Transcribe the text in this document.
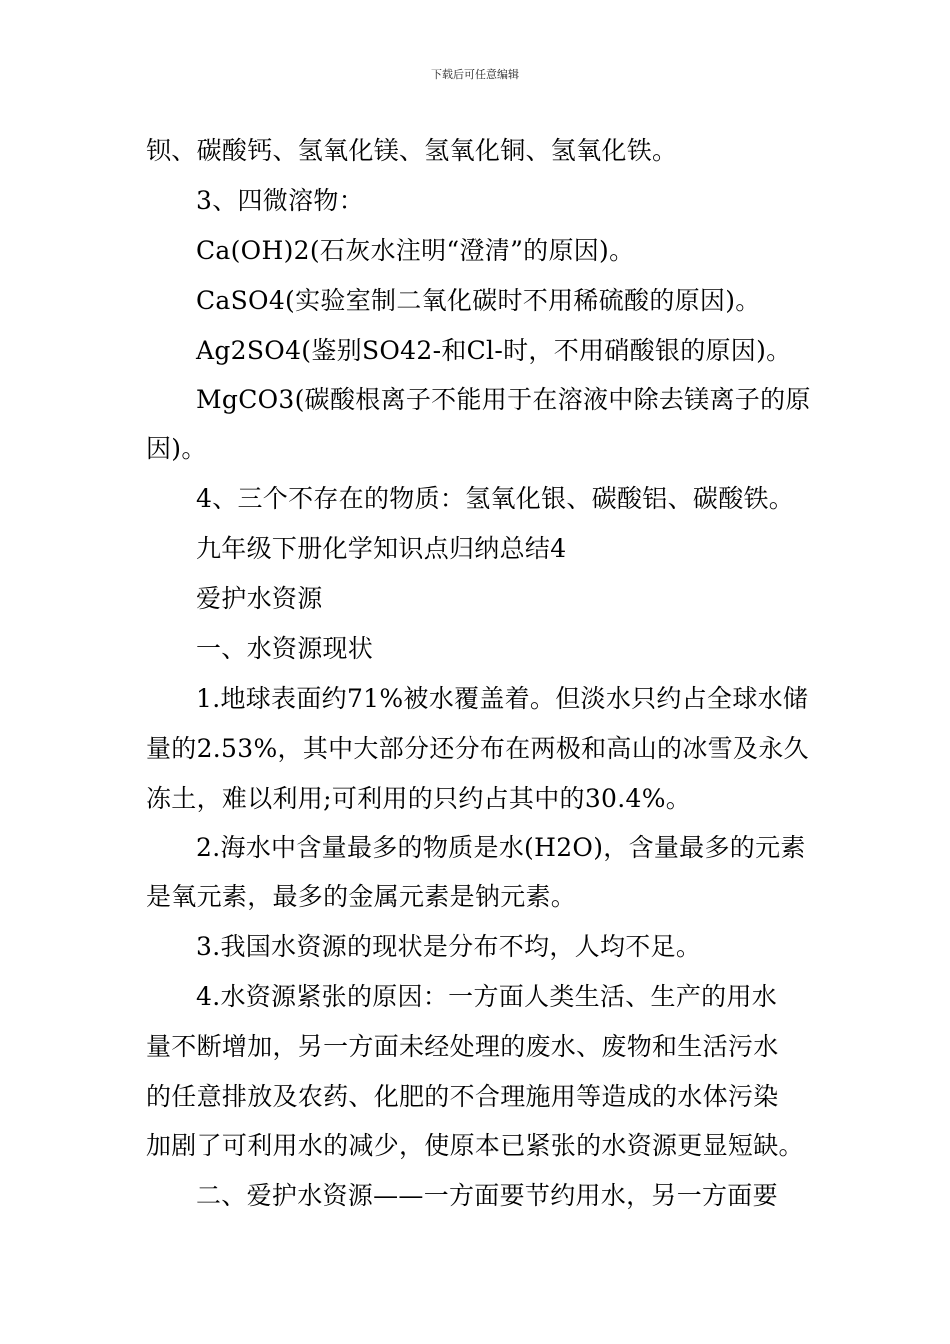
下载后可任意编辑
钡、碳酸钙、氢氧化镁、氢氧化铜、氢氧化铁。
3、四微溶物：
Ca(OH)2(石灰水注明“澄清”的原因)。
CaSO4(实验室制二氧化碳时不用稀硫酸的原因)。
Ag2SO4(鉴别SO42-和Cl-时，不用硝酸银的原因)。
MgCO3(碳酸根离子不能用于在溶液中除去镁离子的原
因)。
4、三个不存在的物质：氢氧化银、碳酸铝、碳酸铁。
九年级下册化学知识点归纳总结4
爱护水资源
一、水资源现状
1.地球表面约71%被水覆盖着。但淡水只约占全球水储
量的2.53%，其中大部分还分布在两极和高山的冰雪及永久
冻土，难以利用;可利用的只约占其中的30.4%。
2.海水中含量最多的物质是水(H2O)，含量最多的元素
是氧元素，最多的金属元素是钠元素。
3.我国水资源的现状是分布不均，人均不足。
4.水资源紧张的原因：一方面人类生活、生产的用水
量不断增加，另一方面未经处理的废水、废物和生活污水
的任意排放及农药、化肥的不合理施用等造成的水体污染
加剧了可利用水的减少，使原本已紧张的水资源更显短缺。
二、爱护水资源——一方面要节约用水，另一方面要
